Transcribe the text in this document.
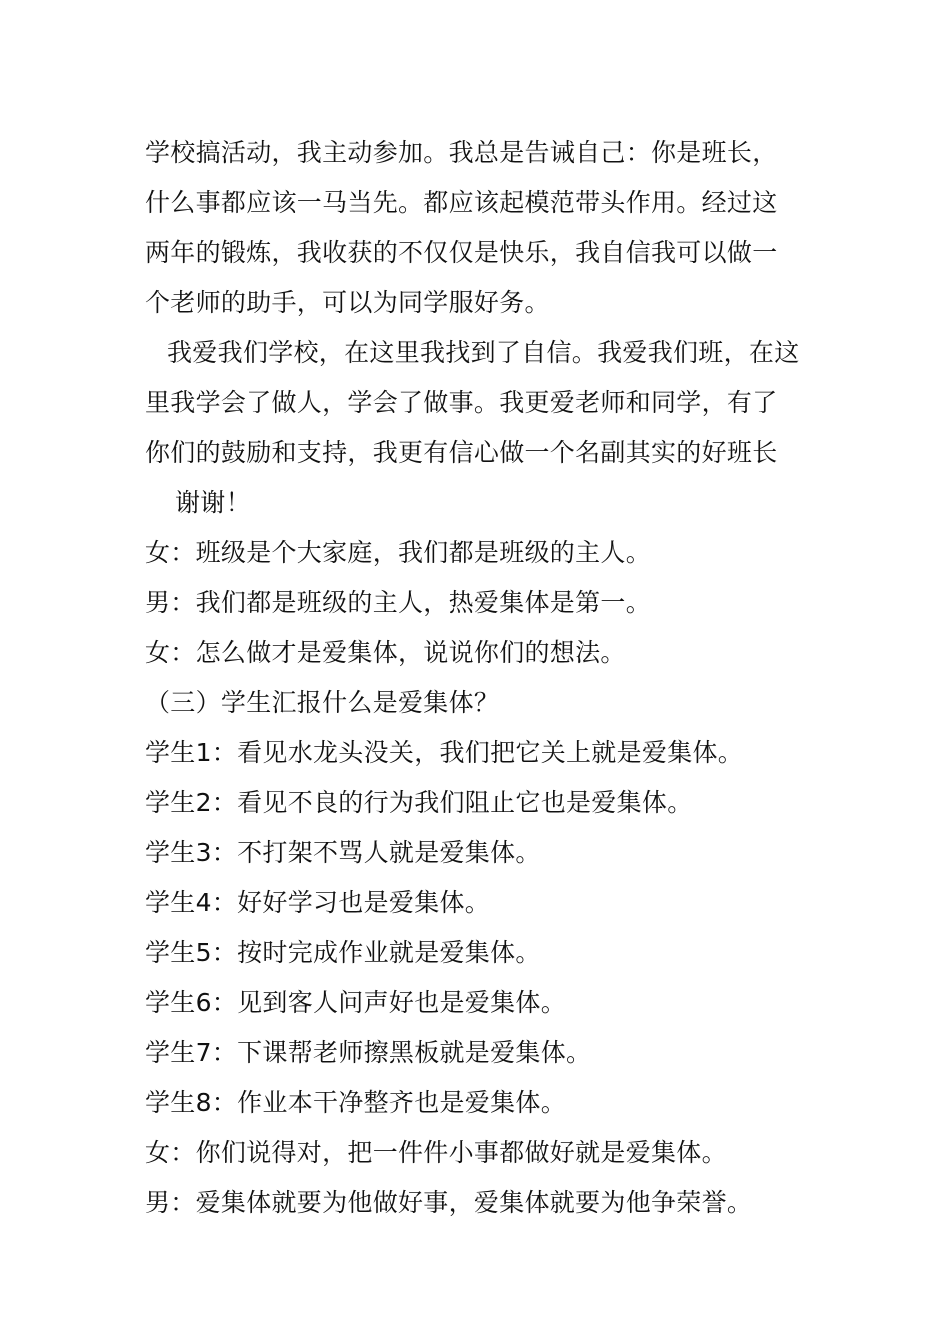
学校搞活动，我主动参加。我总是告诫自己：你是班长，
什么事都应该一马当先。都应该起模范带头作用。经过这
两年的锻炼，我收获的不仅仅是快乐，我自信我可以做一
个老师的助手，可以为同学服好务。
我爱我们学校，在这里我找到了自信。我爱我们班，在这
里我学会了做人，学会了做事。我更爱老师和同学，有了
你们的鼓励和支持，我更有信心做一个名副其实的好班长
谢谢！
女：班级是个大家庭，我们都是班级的主人。
男：我们都是班级的主人，热爱集体是第一。
女：怎么做才是爱集体，说说你们的想法。
（三）学生汇报什么是爱集体？
学生1：看见水龙头没关，我们把它关上就是爱集体。
学生2：看见不良的行为我们阻止它也是爱集体。
学生3：不打架不骂人就是爱集体。
学生4：好好学习也是爱集体。
学生5：按时完成作业就是爱集体。
学生6：见到客人问声好也是爱集体。
学生7：下课帮老师擦黑板就是爱集体。
学生8：作业本干净整齐也是爱集体。
女：你们说得对，把一件件小事都做好就是爱集体。
男：爱集体就要为他做好事，爱集体就要为他争荣誉。
